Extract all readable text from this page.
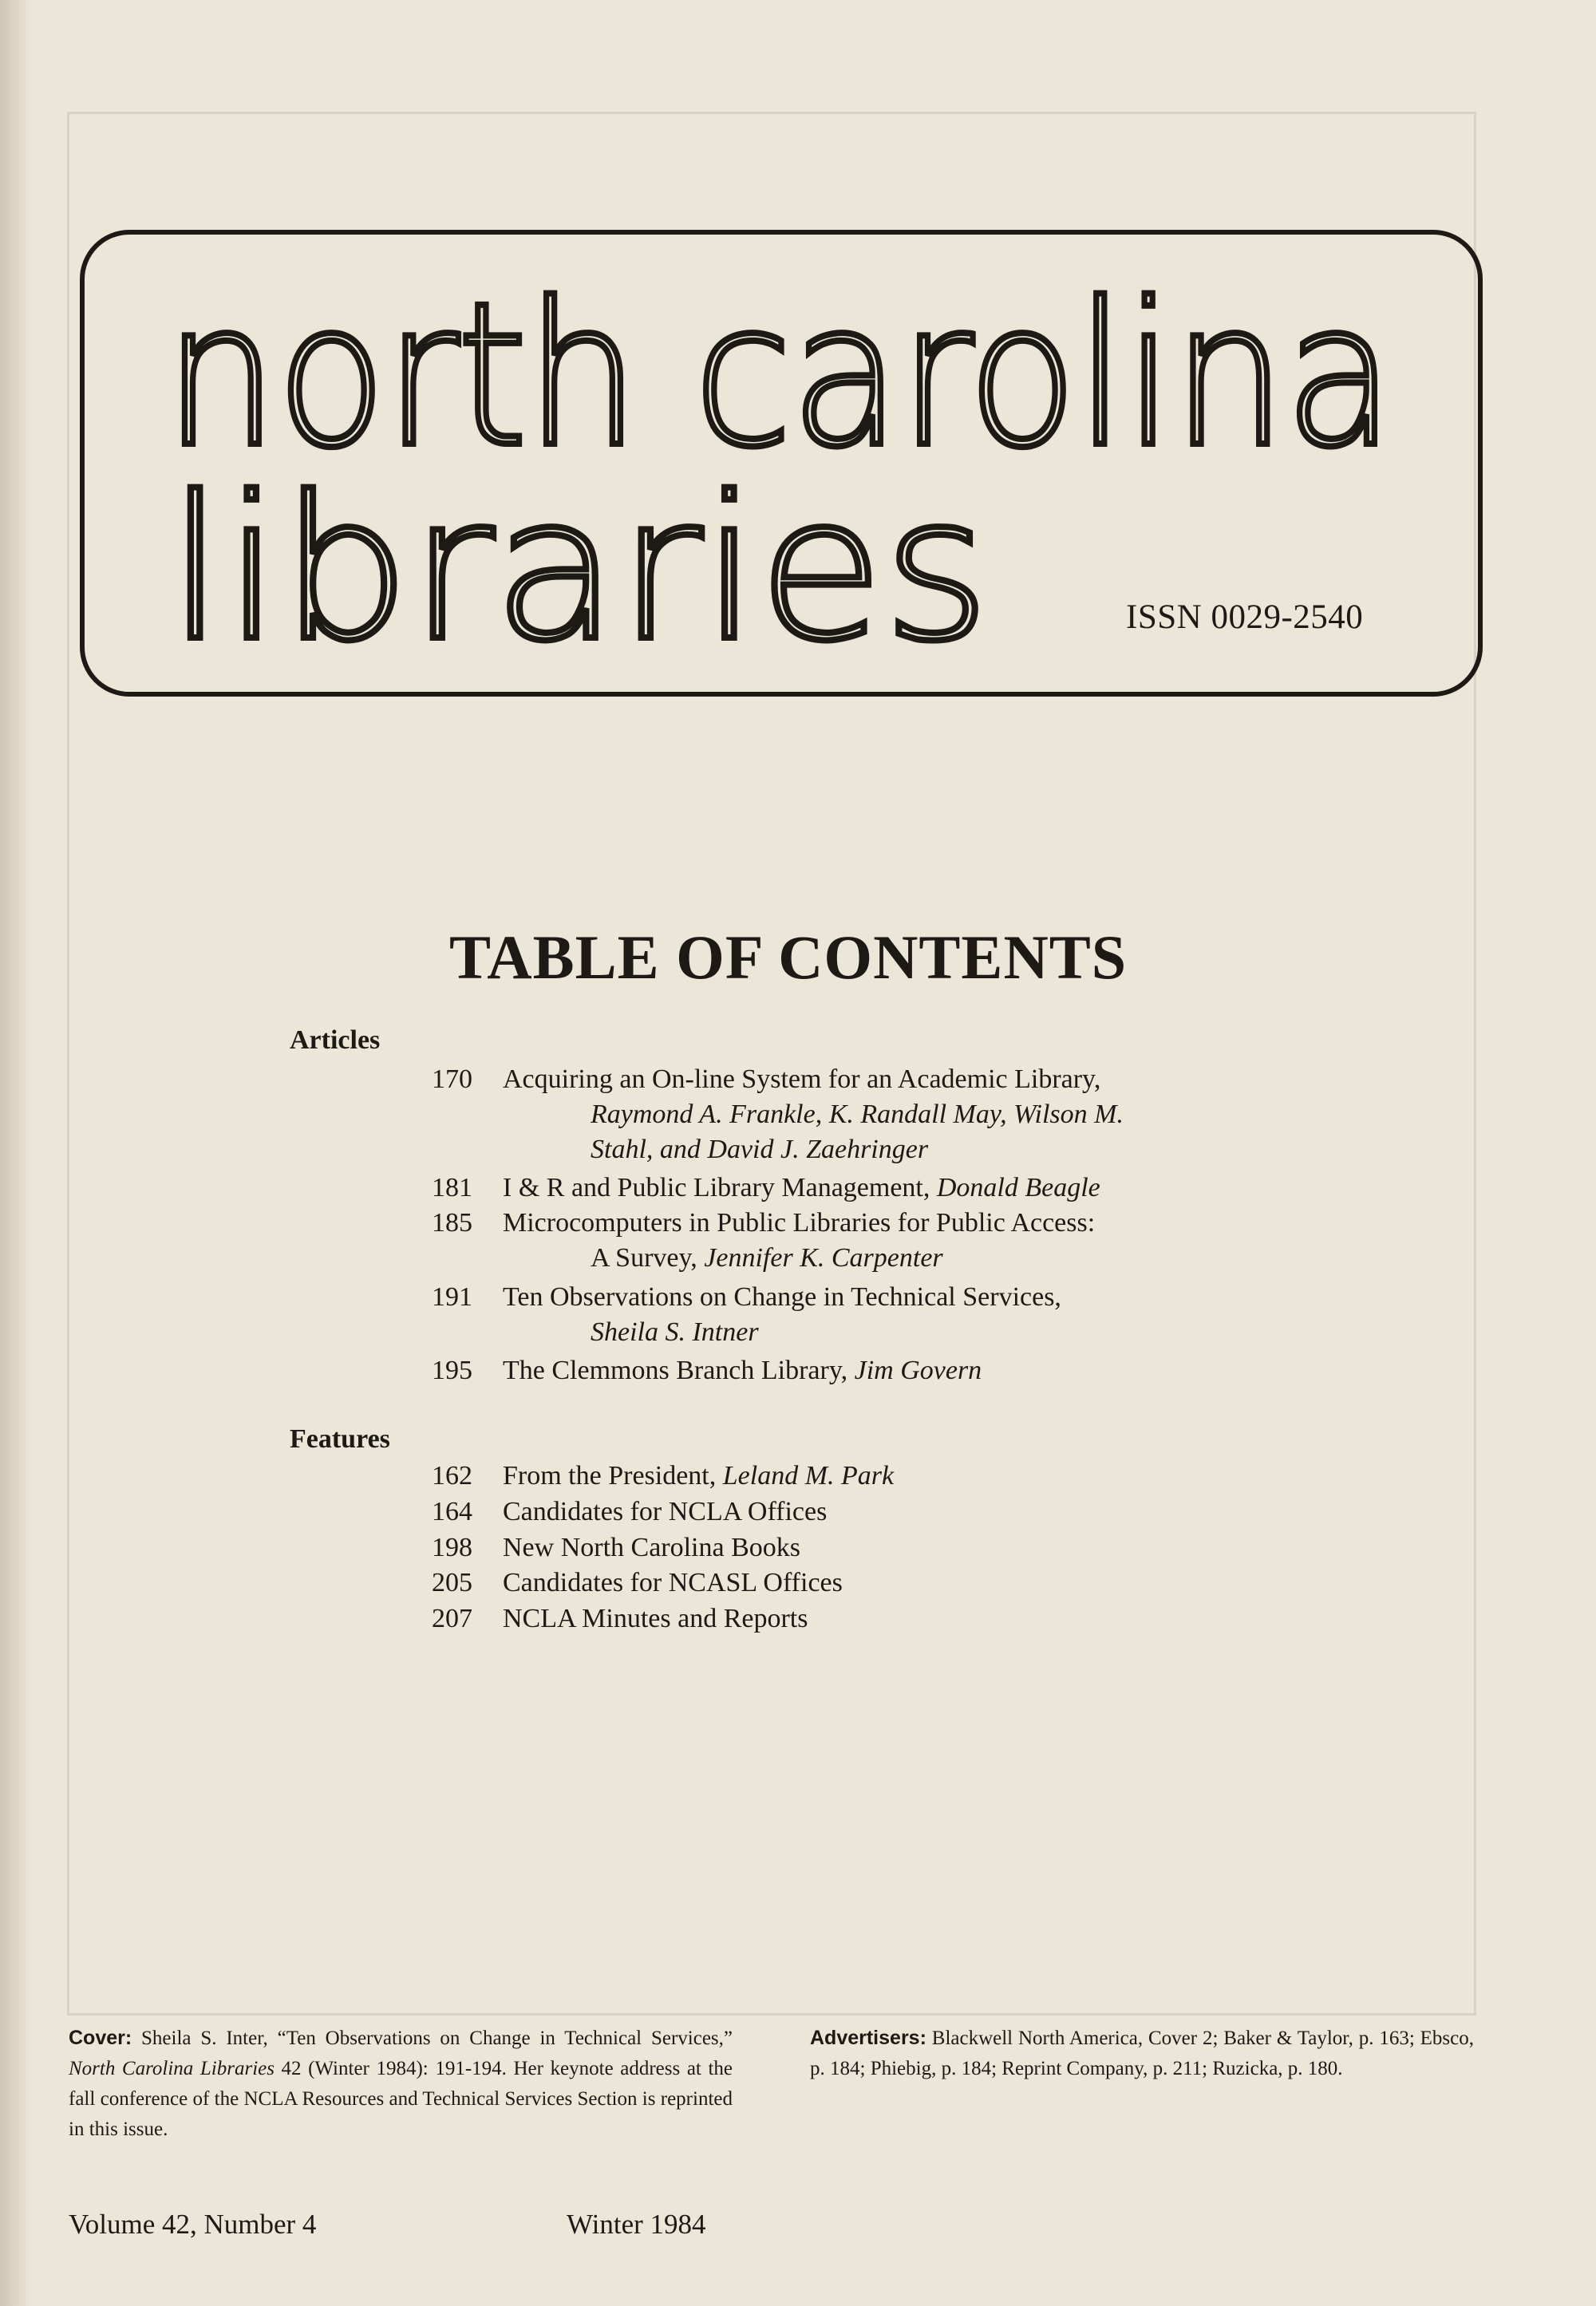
north carolina
libraries	ISSN 0029-2540
TABLE OF CONTENTS
Articles
170 Acquiring an On-line System for an Academic Library,
Raymond A. Frankle, K. Randall May, Wilson M.
Stahl, and David J. Zaehringer
181 I & R and Public Library Management, Donald Beagle
185 Microcomputers in Public Libraries for Public Access:
A Survey, Jennifer K. Carpenter
191 Ten Observations on Change in Technical Services,
Sheila S. Intner
195 The Clemmons Branch Library, Jim Govern
Features
162 From the President, Leland M. Park
164 Candidates for NCLA Offices
198 New North Carolina Books
205 Candidates for NCASL Offices
207 NCLA Minutes and Reports
Cover: Sheila S. Inter, “Ten Observations on Change in Technical Services,” North Carolina Libraries 42 (Winter 1984): 191-194. Her keynote address at the fall conference of the NCLA Resources and Technical Services Section is reprinted in this issue.
Advertisers: Blackwell North America, Cover 2; Baker & Taylor, p. 163; Ebsco, p. 184; Phiebig, p. 184; Reprint Company, p. 211; Ruzicka, p. 180.
Volume 42, Number 4	Winter 1984
